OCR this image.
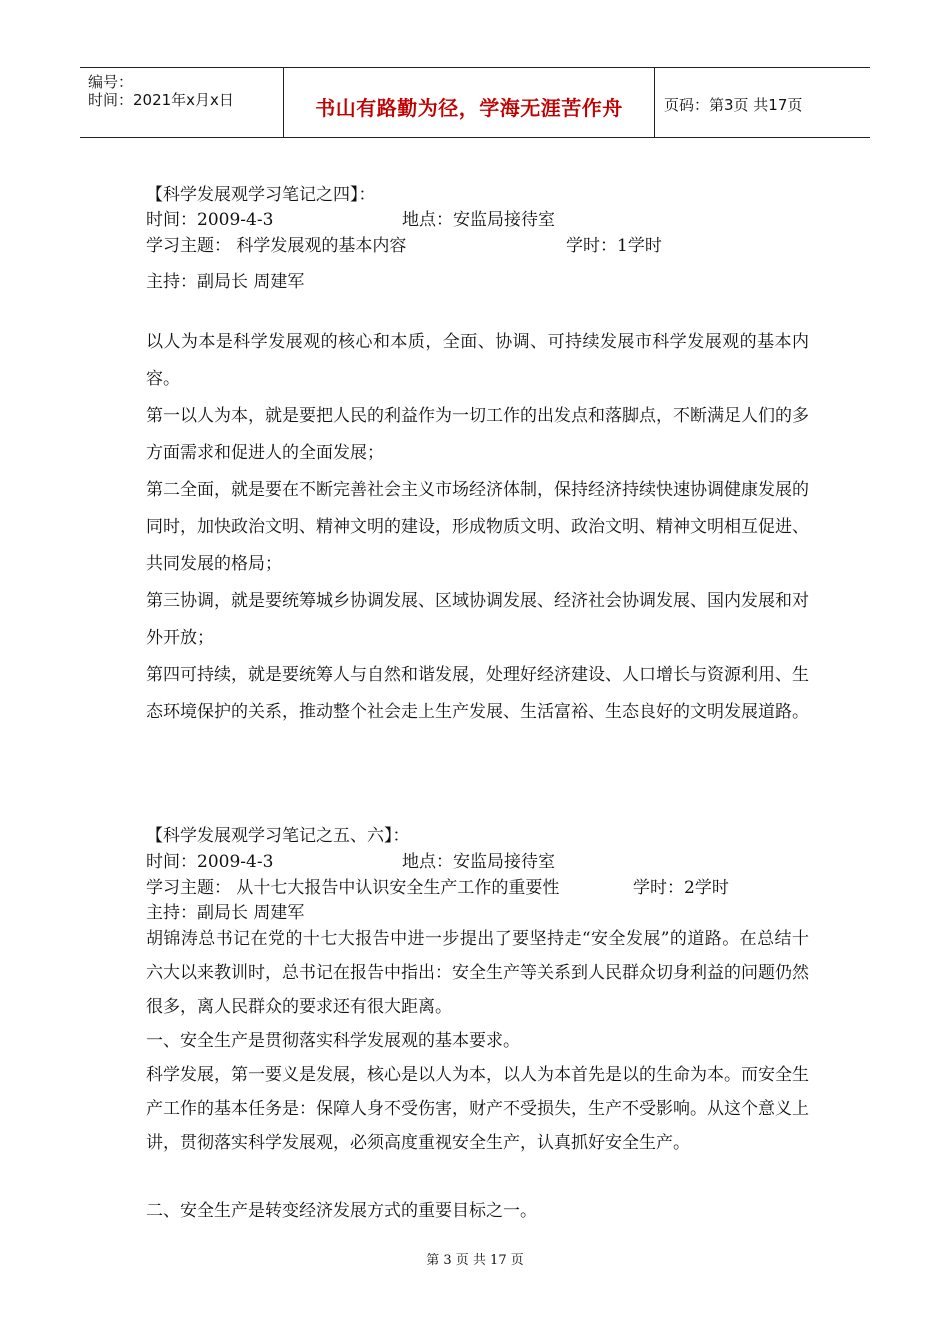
编号：
时间：2021年x月x日	书山有路勤为径，学海无涯苦作舟	页码：第3页 共17页
【科学发展观学习笔记之四】：
时间：2009-4-3	地点：安监局接待室
学习主题： 科学发展观的基本内容	学时：1学时
主持：副局长 周建军
以人为本是科学发展观的核心和本质，全面、协调、可持续发展市科学发展观的基本内容。
第一以人为本，就是要把人民的利益作为一切工作的出发点和落脚点，不断满足人们的多方面需求和促进人的全面发展；
第二全面，就是要在不断完善社会主义市场经济体制，保持经济持续快速协调健康发展的同时，加快政治文明、精神文明的建设，形成物质文明、政治文明、精神文明相互促进、共同发展的格局；
第三协调，就是要统筹城乡协调发展、区域协调发展、经济社会协调发展、国内发展和对外开放；
第四可持续，就是要统筹人与自然和谐发展，处理好经济建设、人口增长与资源利用、生态环境保护的关系，推动整个社会走上生产发展、生活富裕、生态良好的文明发展道路。
【科学发展观学习笔记之五、六】：
时间：2009-4-3	地点：安监局接待室
学习主题： 从十七大报告中认识安全生产工作的重要性	学时：2学时
主持：副局长 周建军
胡锦涛总书记在党的十七大报告中进一步提出了要坚持走“安全发展”的道路。在总结十六大以来教训时，总书记在报告中指出：安全生产等关系到人民群众切身利益的问题仍然很多，离人民群众的要求还有很大距离。
一、安全生产是贯彻落实科学发展观的基本要求。
科学发展，第一要义是发展，核心是以人为本，以人为本首先是以的生命为本。而安全生产工作的基本任务是：保障人身不受伤害，财产不受损失，生产不受影响。从这个意义上讲，贯彻落实科学发展观，必须高度重视安全生产，认真抓好安全生产。
二、安全生产是转变经济发展方式的重要目标之一。
第 3 页 共 17 页
